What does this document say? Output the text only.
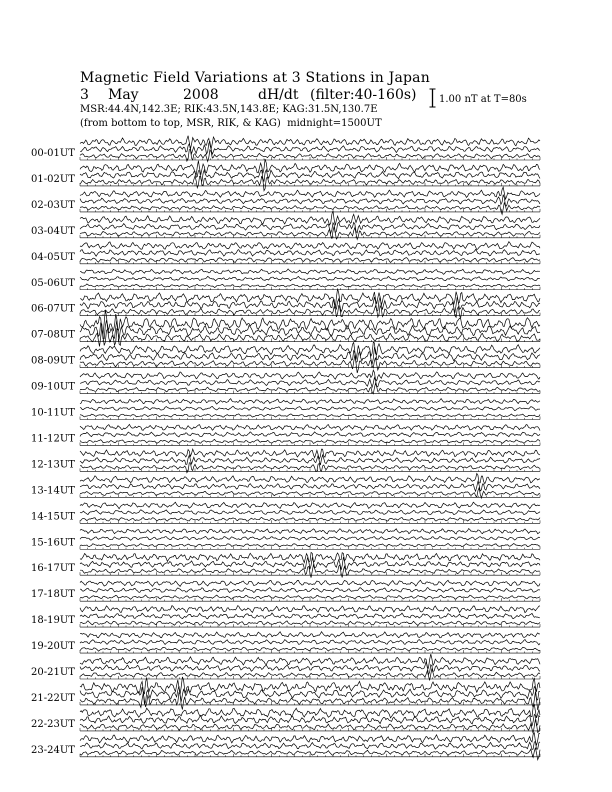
Magnetic Field Variations at 3 Stations in Japan
3 May	2008	dH/dt (filter:40-160s)
MSR:44.4N,142.3E; RIK:43.5N,143.8E; KAG:31.5N,130.7E
(from bottom to top, MSR, RIK, & KAG) midnight=1500UT
1.00 nT at T=80s
00-01UT
01-02UT
02-03UT
03-04UT
04-05UT
05-06UT
06-07UT
07-08UT
08-09UT
09-10UT
10-11UT
11-12UT
12-13UT
13-14UT
14-15UT
15-16UT
16-17UT
17-18UT
18-19UT
19-20UT
20-21UT
21-22UT
22-23UT
23-24UT
